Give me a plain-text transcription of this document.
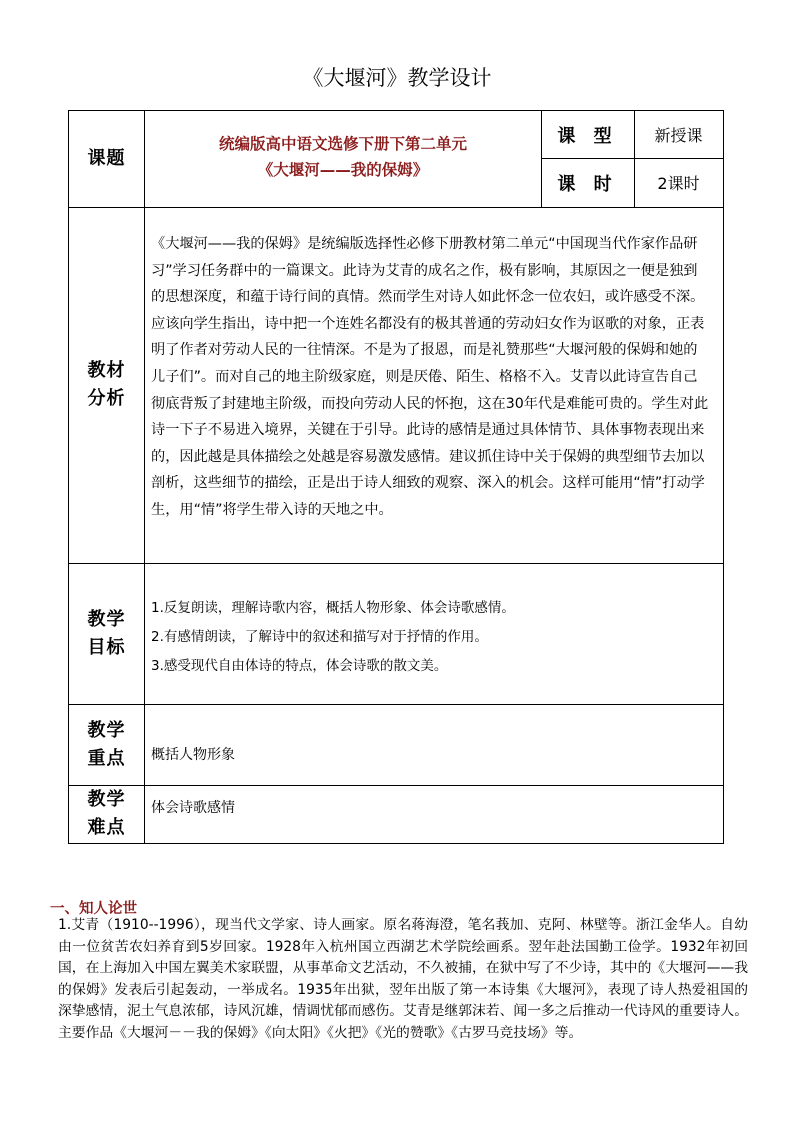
《大堰河》教学设计
课题
统编版高中语文选修下册下第二单元
《大堰河——我的保姆》
课 型 新授课
课 时 2课时
教材
分析
《大堰河——我的保姆》是统编版选择性必修下册教材第二单元“中国现当代作家作品研习”学习任务群中的一篇课文。此诗为艾青的成名之作，极有影响，其原因之一便是独到的思想深度，和蕴于诗行间的真情。然而学生对诗人如此怀念一位农妇，或许感受不深。应该向学生指出，诗中把一个连姓名都没有的极其普通的劳动妇女作为讴歌的对象，正表明了作者对劳动人民的一往情深。不是为了报恩，而是礼赞那些“大堰河般的保姆和她的儿子们”。而对自己的地主阶级家庭，则是厌倦、陌生、格格不入。艾青以此诗宣告自己彻底背叛了封建地主阶级，而投向劳动人民的怀抱，这在30年代是难能可贵的。学生对此诗一下子不易进入境界，关键在于引导。此诗的感情是通过具体情节、具体事物表现出来的，因此越是具体描绘之处越是容易激发感情。建议抓住诗中关于保姆的典型细节去加以剖析，这些细节的描绘，正是出于诗人细致的观察、深入的机会。这样可能用“情”打动学生，用“情”将学生带入诗的天地之中。
教学
目标
1.反复朗读，理解诗歌内容，概括人物形象、体会诗歌感情。
2.有感情朗读，了解诗中的叙述和描写对于抒情的作用。
3.感受现代自由体诗的特点，体会诗歌的散文美。
教学
重点 概括人物形象
教学
难点
体会诗歌感情
一、知人论世
1.艾青（1910--1996），现当代文学家、诗人画家。原名蒋海澄，笔名莪加、克阿、林壁等。浙江金华人。自幼由一位贫苦农妇养育到5岁回家。1928年入杭州国立西湖艺术学院绘画系。翌年赴法国勤工俭学。1932年初回国，在上海加入中国左翼美术家联盟，从事革命文艺活动，不久被捕，在狱中写了不少诗，其中的《大堰河——我的保姆》发表后引起轰动，一举成名。1935年出狱，翌年出版了第一本诗集《大堰河》，表现了诗人热爱祖国的深挚感情，泥土气息浓郁，诗风沉雄，情调忧郁而感伤。艾青是继郭沫若、闻一多之后推动一代诗风的重要诗人。主要作品《大堰河－－我的保姆》《向太阳》《火把》《光的赞歌》《古罗马竞技场》等。
